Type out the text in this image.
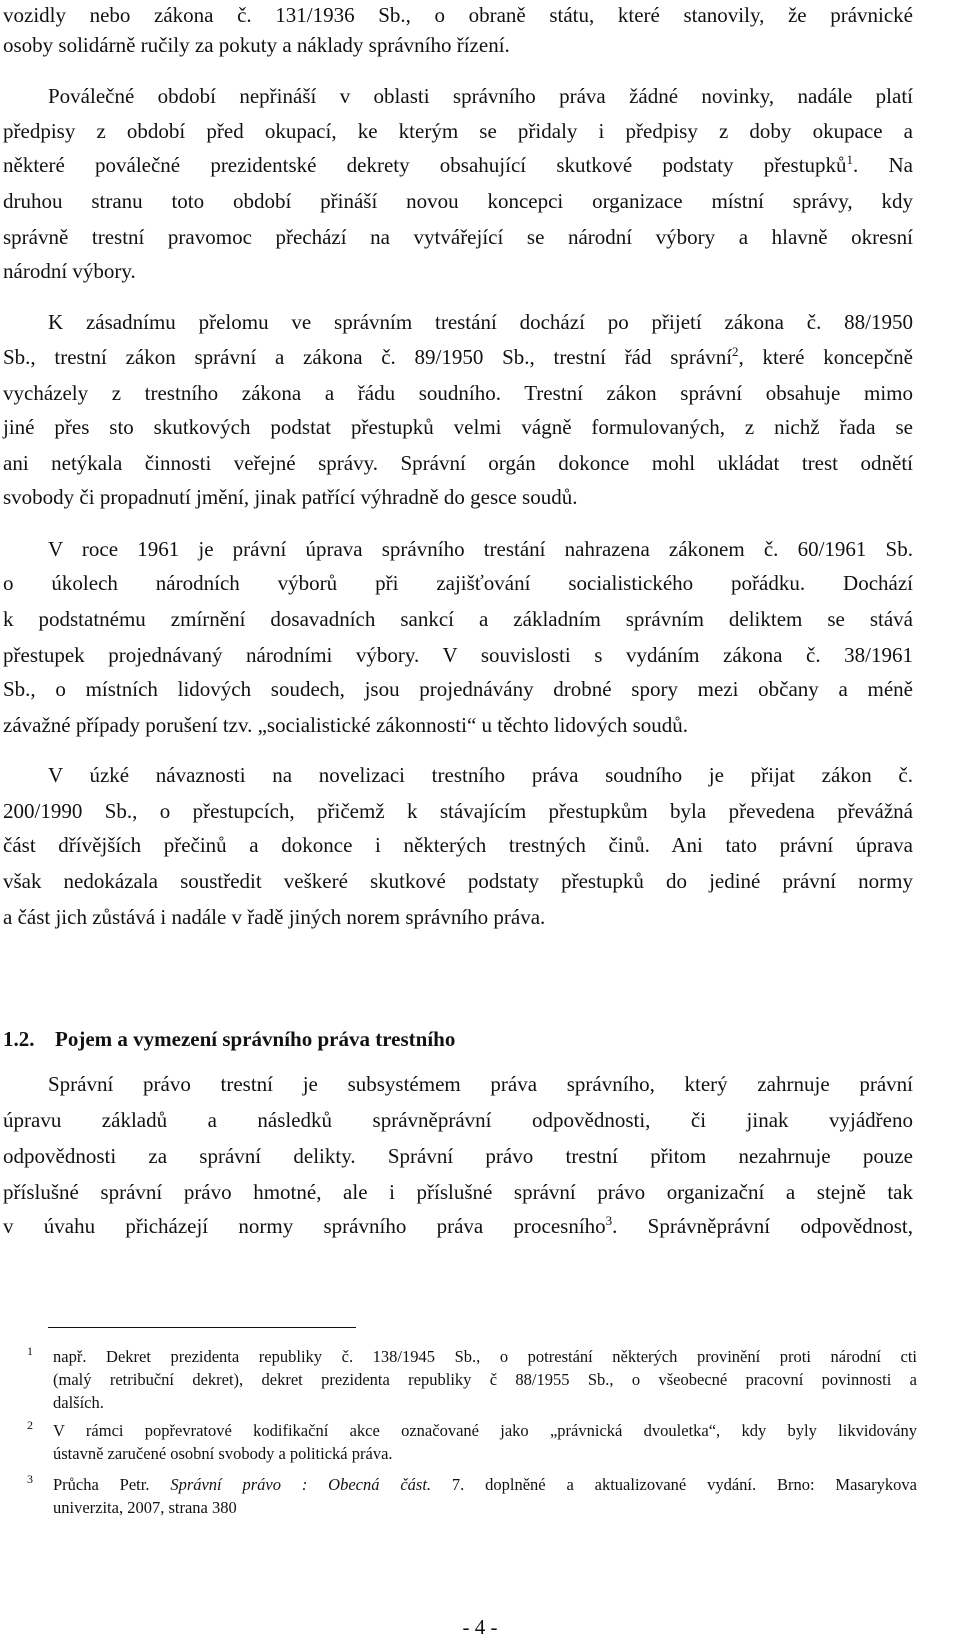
vozidly nebo zákona č. 131/1936 Sb., o obraně státu, které stanovily, že právnické
osoby solidárně ručily za pokuty a náklady správního řízení.
Poválečné období nepřináší v oblasti správního práva žádné novinky, nadále platí
předpisy z období před okupací, ke kterým se přidaly i předpisy z doby okupace a
některé poválečné prezidentské dekrety obsahující skutkové podstaty přestupků$^1$. Na
druhou stranu toto období přináší novou koncepci organizace místní správy, kdy
správně trestní pravomoc přechází na vytvářející se národní výbory a hlavně okresní
národní výbory.
K zásadnímu přelomu ve správním trestání dochází po přijetí zákona č. 88/1950
Sb., trestní zákon správní a zákona č. 89/1950 Sb., trestní řád správní$^2$, které koncepčně
vycházely z trestního zákona a řádu soudního. Trestní zákon správní obsahuje mimo
jiné přes sto skutkových podstat přestupků velmi vágně formulovaných, z nichž řada se
ani netýkala činnosti veřejné správy. Správní orgán dokonce mohl ukládat trest odnětí
svobody či propadnutí jmění, jinak patřící výhradně do gesce soudů.
V roce 1961 je právní úprava správního trestání nahrazena zákonem č. 60/1961 Sb.
o úkolech národních výborů při zajišťování socialistického pořádku. Dochází
k podstatnému zmírnění dosavadních sankcí a základním správním deliktem se stává
přestupek projednávaný národními výbory. V souvislosti s vydáním zákona č. 38/1961
Sb., o místních lidových soudech, jsou projednávány drobné spory mezi občany a méně
závažné případy porušení tzv. „socialistické zákonnosti“ u těchto lidových soudů.
V úzké návaznosti na novelizaci trestního práva soudního je přijat zákon č.
200/1990 Sb., o přestupcích, přičemž k stávajícím přestupkům byla převedena převážná
část dřívějších přečinů a dokonce i některých trestných činů. Ani tato právní úprava
však nedokázala soustředit veškeré skutkové podstaty přestupků do jediné právní normy
a část jich zůstává i nadále v řadě jiných norem správního práva.
Správní právo trestní je subsystémem práva správního, který zahrnuje právní
úpravu základů a následků správněprávní odpovědnosti, či jinak vyjádřeno
odpovědnosti za správní delikty. Správní právo trestní přitom nezahrnuje pouze
příslušné správní právo hmotné, ale i příslušné správní právo organizační a stejně tak
v úvahu přicházejí normy správního práva procesního$^3$. Správněprávní odpovědnost,
1.2. Pojem a vymezení správního práva trestního
1 např. Dekret prezidenta republiky č. 138/1945 Sb., o potrestání některých provinění proti národní cti
(malý retribuční dekret), dekret prezidenta republiky č 88/1955 Sb., o všeobecné pracovní povinnosti a
dalších.
2 V rámci popřevratové kodifikační akce označované jako „právnická dvouletka“, kdy byly likvidovány
ústavně zaručené osobní svobody a politická práva.
3 Průcha Petr. Správní právo : Obecná část. 7. doplněné a aktualizované vydání. Brno: Masarykova
univerzita, 2007, strana 380
- 4 -
